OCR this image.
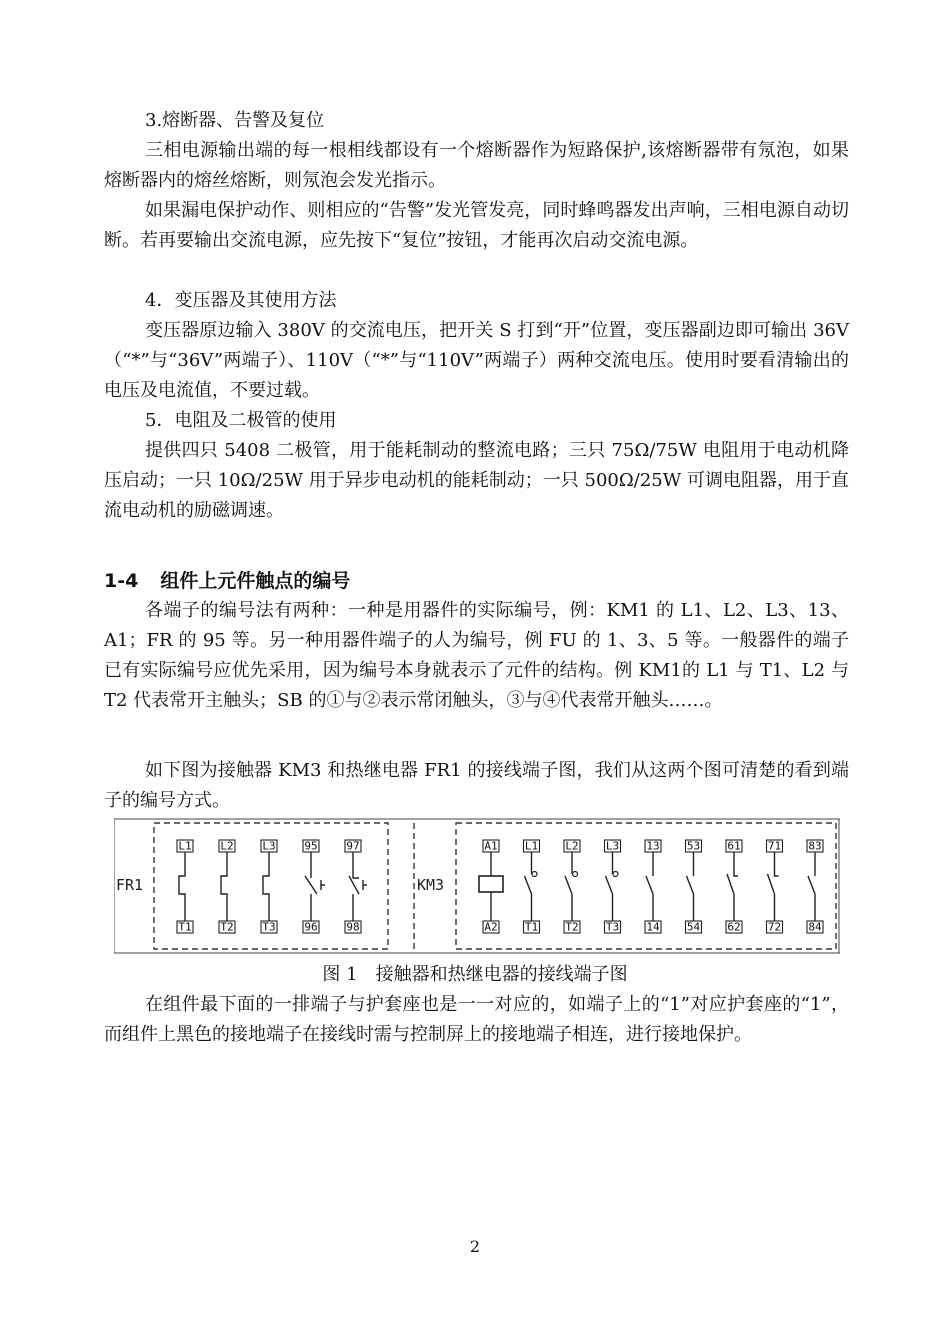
3.熔断器、告警及复位

三相电源输出端的每一根相线都设有一个熔断器作为短路保护,该熔断器带有氖泡，如果熔断器内的熔丝熔断，则氖泡会发光指示。

如果漏电保护动作、则相应的“告警”发光管发亮，同时蜂鸣器发出声响，三相电源自动切断。若再要输出交流电源，应先按下“复位”按钮，才能再次启动交流电源。

4．变压器及其使用方法

变压器原边输入 380V 的交流电压，把开关 S 打到“开”位置，变压器副边即可输出 36V（“*”与“36V”两端子）、110V（“*”与“110V”两端子）两种交流电压。使用时要看清输出的电压及电流值，不要过载。

5．电阻及二极管的使用

提供四只 5408 二极管，用于能耗制动的整流电路；三只 75Ω/75W 电阻用于电动机降压启动；一只 10Ω/25W 用于异步电动机的能耗制动；一只 500Ω/25W 可调电阻器，用于直流电动机的励磁调速。

1-4 组件上元件触点的编号

各端子的编号法有两种：一种是用器件的实际编号，例：KM1 的 L1、L2、L3、13、A1；FR 的 95 等。另一种用器件端子的人为编号，例 FU 的 1、3、5 等。一般器件的端子已有实际编号应优先采用，因为编号本身就表示了元件的结构。例 KM1的 L1 与 T1、L2 与 T2 代表常开主触头；SB 的①与②表示常闭触头，③与④代表常开触头……。

如下图为接触器 KM3 和热继电器 FR1 的接线端子图，我们从这两个图可清楚的看到端子的编号方式。

FR1	KM3
L1
T1
L2
T2
L3
T3
95
96
97
98
A1
A2
L1
T1
L2
T2
L3
T3
13
14
53
54
61
62
71
72
83
84

图 1　接触器和热继电器的接线端子图

在组件最下面的一排端子与护套座也是一一对应的，如端子上的“1”对应护套座的“1”，而组件上黑色的接地端子在接线时需与控制屏上的接地端子相连，进行接地保护。

2
